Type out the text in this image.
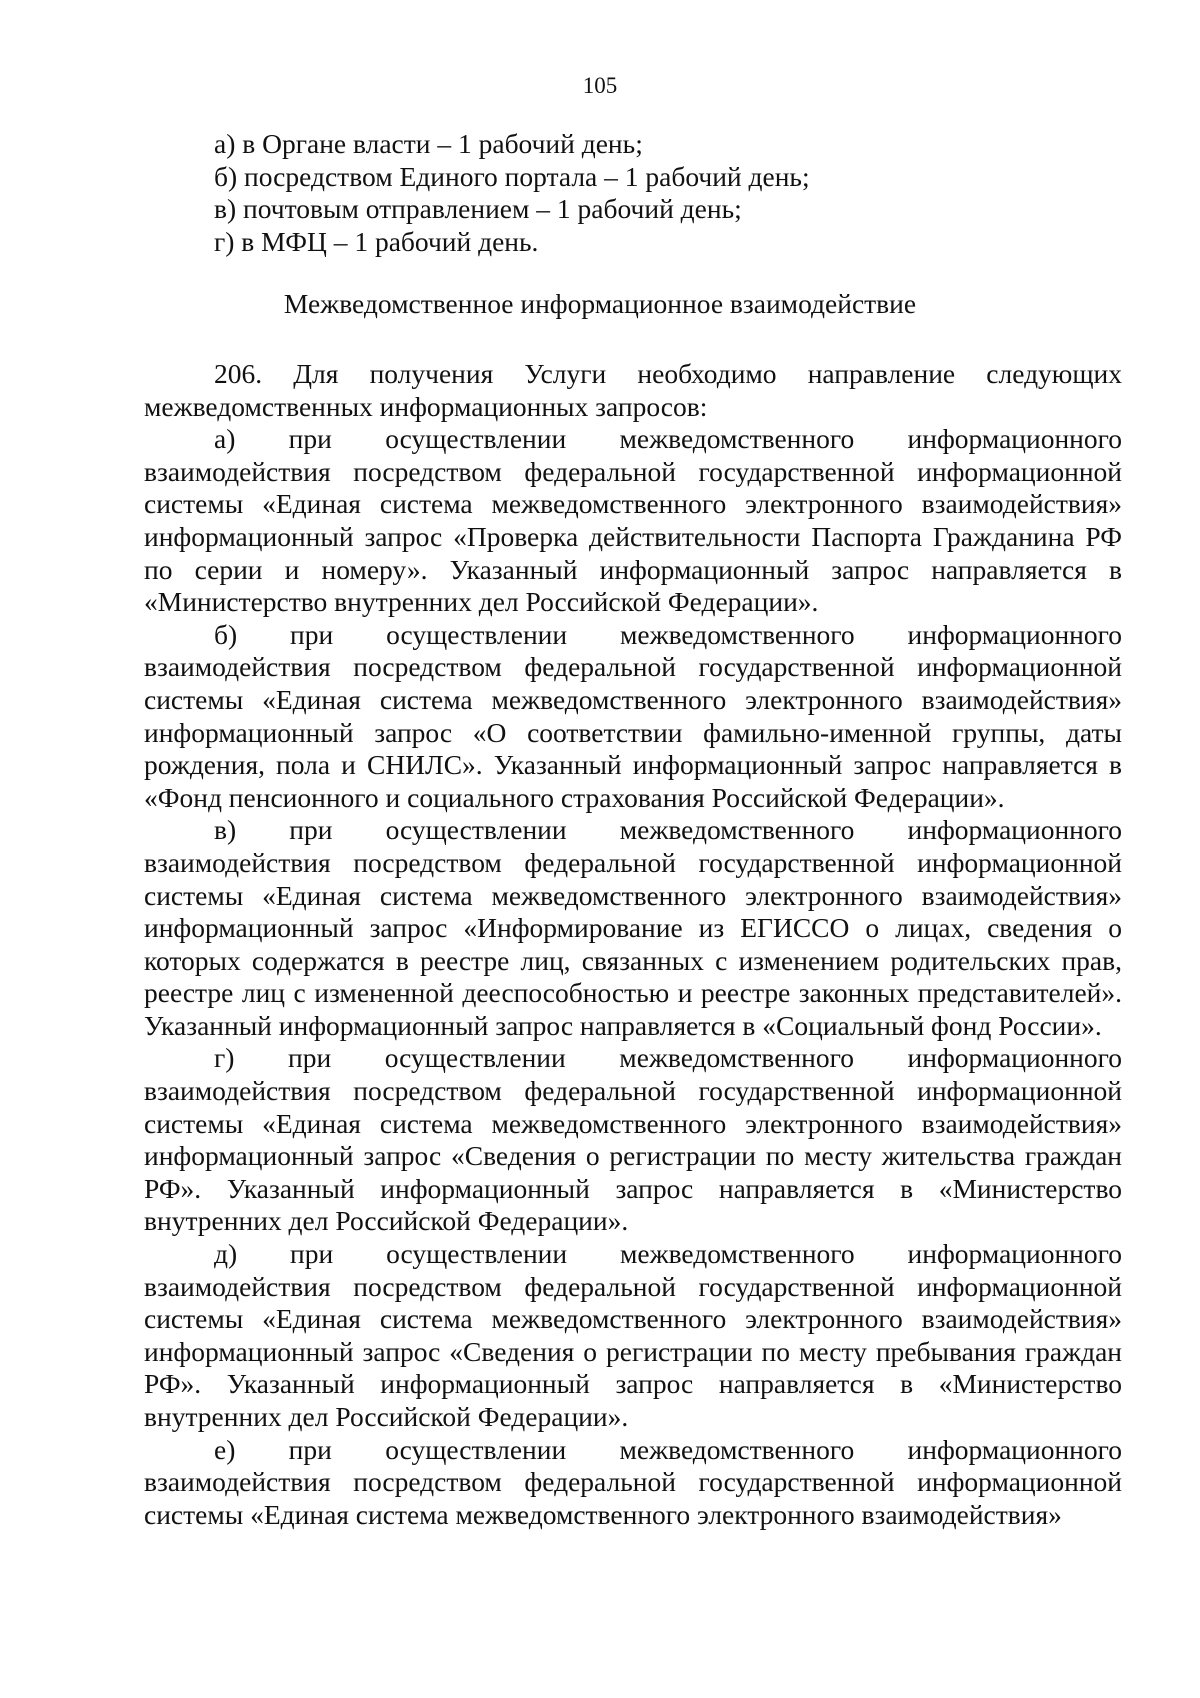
105

а) в Органе власти – 1 рабочий день;

б) посредством Единого портала – 1 рабочий день;

в) почтовым отправлением – 1 рабочий день;

г) в МФЦ – 1 рабочий день.

Межведомственное информационное взаимодействие

206. Для получения Услуги необходимо направление следующих межведомственных информационных запросов:

а) при осуществлении межведомственного информационного взаимодействия посредством федеральной государственной информационной системы «Единая система межведомственного электронного взаимодействия» информационный запрос «Проверка действительности Паспорта Гражданина РФ по серии и номеру». Указанный информационный запрос направляется в «Министерство внутренних дел Российской Федерации».

б) при осуществлении межведомственного информационного взаимодействия посредством федеральной государственной информационной системы «Единая система межведомственного электронного взаимодействия» информационный запрос «О соответствии фамильно-именной группы, даты рождения, пола и СНИЛС». Указанный информационный запрос направляется в «Фонд пенсионного и социального страхования Российской Федерации».

в) при осуществлении межведомственного информационного взаимодействия посредством федеральной государственной информационной системы «Единая система межведомственного электронного взаимодействия» информационный запрос «Информирование из ЕГИССО о лицах, сведения о которых содержатся в реестре лиц, связанных с изменением родительских прав, реестре лиц с измененной дееспособностью и реестре законных представителей». Указанный информационный запрос направляется в «Социальный фонд России».

г) при осуществлении межведомственного информационного взаимодействия посредством федеральной государственной информационной системы «Единая система межведомственного электронного взаимодействия» информационный запрос «Сведения о регистрации по месту жительства граждан РФ». Указанный информационный запрос направляется в «Министерство внутренних дел Российской Федерации».

д) при осуществлении межведомственного информационного взаимодействия посредством федеральной государственной информационной системы «Единая система межведомственного электронного взаимодействия» информационный запрос «Сведения о регистрации по месту пребывания граждан РФ». Указанный информационный запрос направляется в «Министерство внутренних дел Российской Федерации».

е) при осуществлении межведомственного информационного взаимодействия посредством федеральной государственной информационной системы «Единая система межведомственного электронного взаимодействия»
